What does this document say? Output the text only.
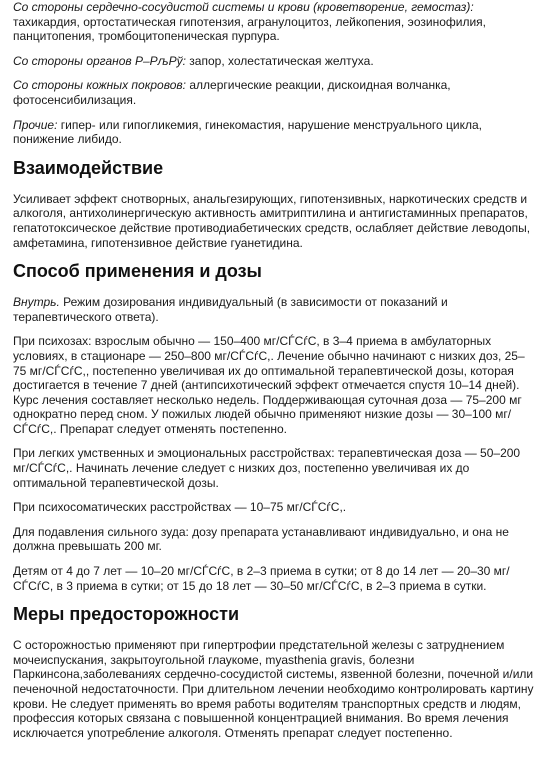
Со стороны сердечно-сосудистой системы и крови (кроветворение, гемостаз):
тахикардия, ортостатическая гипотензия, агранулоцитоз, лейкопения, эозинофилия, панцитопения, тромбоцитопеническая пурпура.

Со стороны органов Р–РљРў: запор, холестатическая желтуха.

Со стороны кожных покровов: аллергические реакции, дискоидная волчанка, фотосенсибилизация.

Прочие: гипер- или гипогликемия, гинекомастия, нарушение менструального цикла, понижение либидо.

Взаимодействие

Усиливает эффект снотворных, анальгезирующих, гипотензивных, наркотических средств и алкоголя, антихолинергическую активность амитриптилина и антигистаминных препаратов, гепатотоксическое действие противодиабетических средств, ослабляет действие леводопы, амфетамина, гипотензивное действие гуанетидина.

Способ применения и дозы

Внутрь. Режим дозирования индивидуальный (в зависимости от показаний и терапевтического ответа).

При психозах: взрослым обычно — 150–400 мг/СЃСѓС, в 3–4 приема в амбулаторных условиях, в стационаре — 250–800 мг/СЃСѓС,. Лечение обычно начинают с низких доз, 25–75 мг/СЃСѓС,, постепенно увеличивая их до оптимальной терапевтической дозы, которая достигается в течение 7 дней (антипсихотический эффект отмечается спустя 10–14 дней). Курс лечения составляет несколько недель. Поддерживающая суточная доза — 75–200 мг однократно перед сном. У пожилых людей обычно применяют низкие дозы — 30–100 мг/СЃСѓС,. Препарат следует отменять постепенно.

При легких умственных и эмоциональных расстройствах: терапевтическая доза — 50–200 мг/СЃСѓС,. Начинать лечение следует с низких доз, постепенно увеличивая их до оптимальной терапевтической дозы.

При психосоматических расстройствах — 10–75 мг/СЃСѓС,.

Для подавления сильного зуда: дозу препарата устанавливают индивидуально, и она не должна превышать 200 мг.

Детям от 4 до 7 лет — 10–20 мг/СЃСѓС, в 2–3 приема в сутки; от 8 до 14 лет — 20–30 мг/СЃСѓС, в 3 приема в сутки; от 15 до 18 лет — 30–50 мг/СЃСѓС, в 2–3 приема в сутки.

Меры предосторожности

С осторожностью применяют при гипертрофии предстательной железы с затруднением мочеиспускания, закрытоугольной глаукоме, myasthenia gravis, болезни Паркинсона,заболеваниях сердечно-сосудистой системы, язвенной болезни, почечной и/или печеночной недостаточности. При длительном лечении необходимо контролировать картину крови. Не следует применять во время работы водителям транспортных средств и людям, профессия которых связана с повышенной концентрацией внимания. Во время лечения исключается употребление алкоголя. Отменять препарат следует постепенно.
